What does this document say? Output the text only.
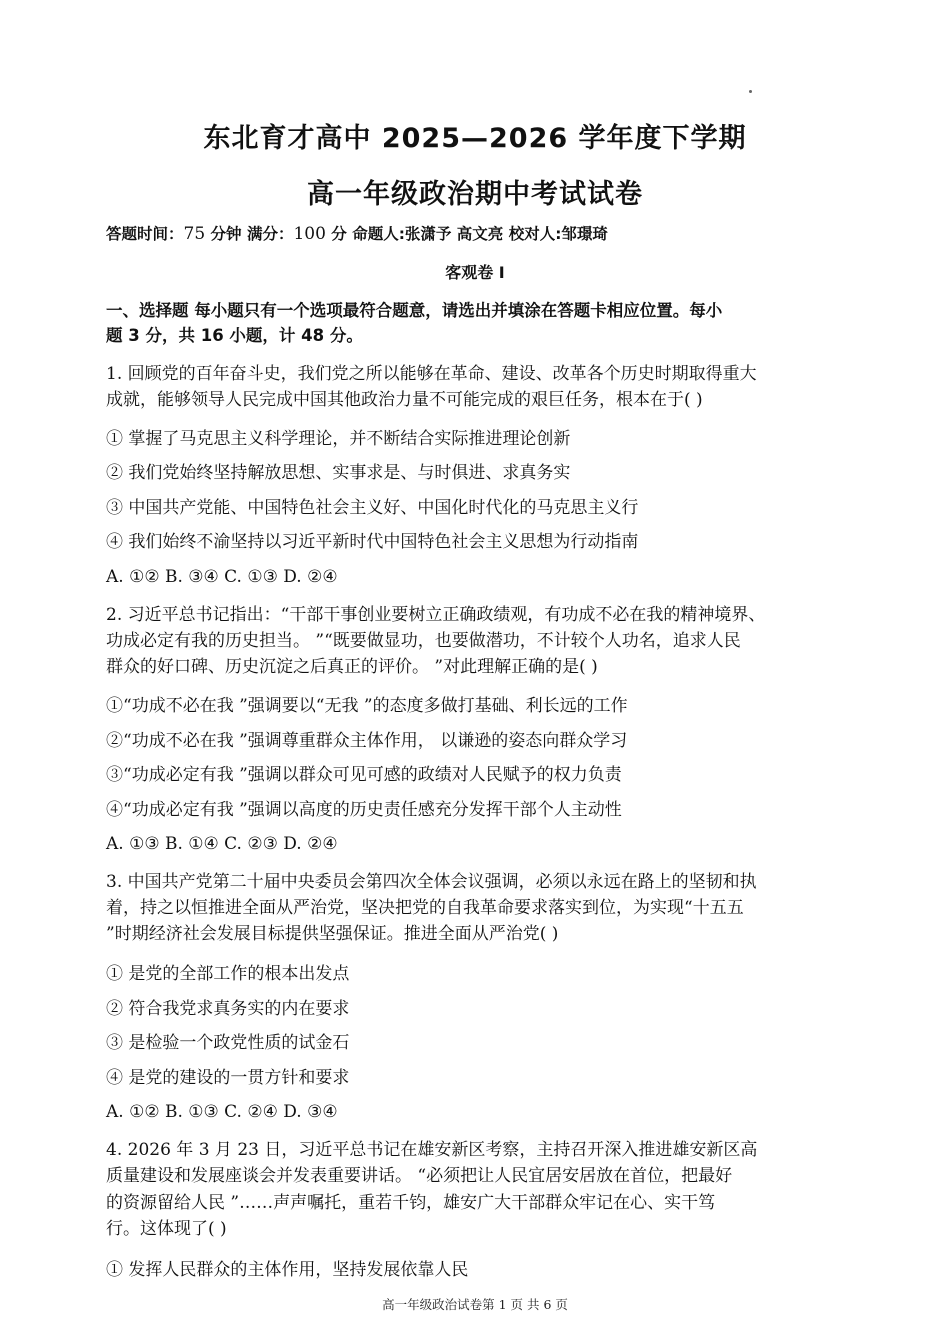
东北育才高中 2025—2026 学年度下学期
高一年级政治期中考试试卷
答题时间：75 分钟 满分：100 分 命题人:张潇予 高文亮 校对人:邹璟琦
客观卷 I
一、选择题 每小题只有一个选项最符合题意，请选出并填涂在答题卡相应位置。每小
题 3 分，共 16 小题，计 48 分。
1. 回顾党的百年奋斗史，我们党之所以能够在革命、建设、改革各个历史时期取得重大
成就，能够领导人民完成中国其他政治力量不可能完成的艰巨任务，根本在于( )
① 掌握了马克思主义科学理论，并不断结合实际推进理论创新
② 我们党始终坚持解放思想、实事求是、与时俱进、求真务实
③ 中国共产党能、中国特色社会主义好、中国化时代化的马克思主义行
④ 我们始终不渝坚持以习近平新时代中国特色社会主义思想为行动指南
A. ①② B. ③④ C. ①③ D. ②④
2. 习近平总书记指出：“干部干事创业要树立正确政绩观，有功成不必在我的精神境界、
功成必定有我的历史担当。 ”“既要做显功，也要做潜功，不计较个人功名，追求人民
群众的好口碑、历史沉淀之后真正的评价。 ”对此理解正确的是( )
①“功成不必在我 ”强调要以“无我 ”的态度多做打基础、利长远的工作
②“功成不必在我 ”强调尊重群众主体作用， 以谦逊的姿态向群众学习
③“功成必定有我 ”强调以群众可见可感的政绩对人民赋予的权力负责
④“功成必定有我 ”强调以高度的历史责任感充分发挥干部个人主动性
A. ①③ B. ①④ C. ②③ D. ②④
3. 中国共产党第二十届中央委员会第四次全体会议强调，必须以永远在路上的坚韧和执
着，持之以恒推进全面从严治党，坚决把党的自我革命要求落实到位，为实现“十五五
”时期经济社会发展目标提供坚强保证。推进全面从严治党( )
① 是党的全部工作的根本出发点
② 符合我党求真务实的内在要求
③ 是检验一个政党性质的试金石
④ 是党的建设的一贯方针和要求
A. ①② B. ①③ C. ②④ D. ③④
4. 2026 年 3 月 23 日，习近平总书记在雄安新区考察，主持召开深入推进雄安新区高
质量建设和发展座谈会并发表重要讲话。 “必须把让人民宜居安居放在首位，把最好
的资源留给人民 ”……声声嘱托，重若千钧，雄安广大干部群众牢记在心、实干笃
行。这体现了( )
① 发挥人民群众的主体作用，坚持发展依靠人民
高一年级政治试卷第 1 页 共 6 页
